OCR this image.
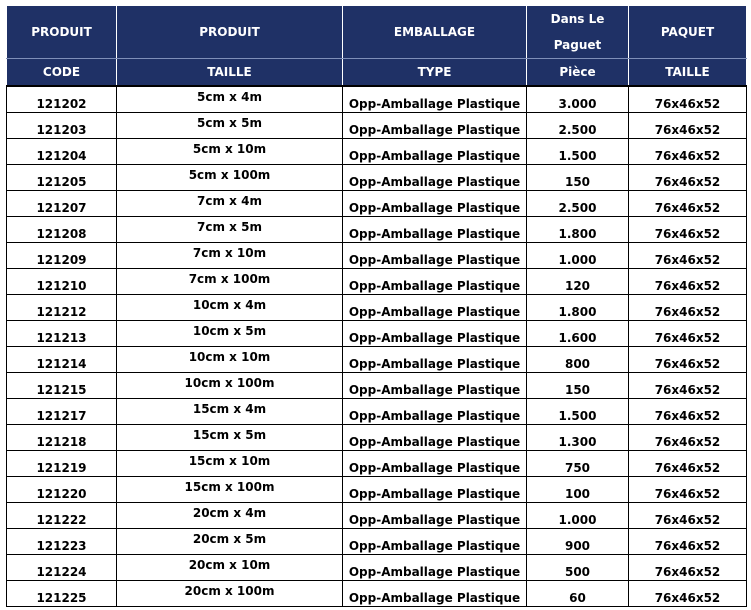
PRODUIT	PRODUIT	EMBALLAGE	Dans Le Paguet	PAQUET
CODE	TAILLE	TYPE	Pièce	TAILLE
121202	5cm x 4m	Opp-Amballage Plastique	3.000	76x46x52
121203	5cm x 5m	Opp-Amballage Plastique	2.500	76x46x52
121204	5cm x 10m	Opp-Amballage Plastique	1.500	76x46x52
121205	5cm x 100m	Opp-Amballage Plastique	150	76x46x52
121207	7cm x 4m	Opp-Amballage Plastique	2.500	76x46x52
121208	7cm x 5m	Opp-Amballage Plastique	1.800	76x46x52
121209	7cm x 10m	Opp-Amballage Plastique	1.000	76x46x52
121210	7cm x 100m	Opp-Amballage Plastique	120	76x46x52
121212	10cm x 4m	Opp-Amballage Plastique	1.800	76x46x52
121213	10cm x 5m	Opp-Amballage Plastique	1.600	76x46x52
121214	10cm x 10m	Opp-Amballage Plastique	800	76x46x52
121215	10cm x 100m	Opp-Amballage Plastique	150	76x46x52
121217	15cm x 4m	Opp-Amballage Plastique	1.500	76x46x52
121218	15cm x 5m	Opp-Amballage Plastique	1.300	76x46x52
121219	15cm x 10m	Opp-Amballage Plastique	750	76x46x52
121220	15cm x 100m	Opp-Amballage Plastique	100	76x46x52
121222	20cm x 4m	Opp-Amballage Plastique	1.000	76x46x52
121223	20cm x 5m	Opp-Amballage Plastique	900	76x46x52
121224	20cm x 10m	Opp-Amballage Plastique	500	76x46x52
121225	20cm x 100m	Opp-Amballage Plastique	60	76x46x52
